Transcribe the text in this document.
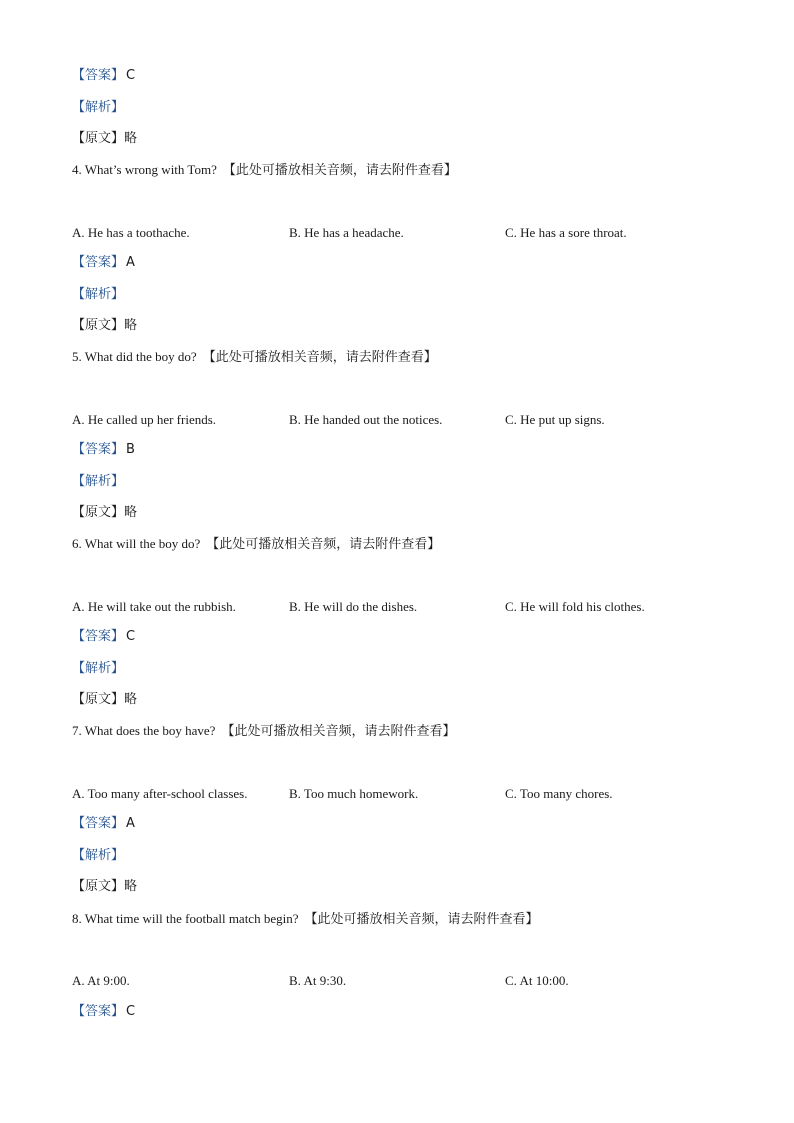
【答案】 C
【解析】
【原文】略
4. What’s wrong with Tom? 【此处可播放相关音频，请去附件查看】
A. He has a toothache.	B. He has a headache.	C. He has a sore throat.
【答案】 A
【解析】
【原文】略
5. What did the boy do? 【此处可播放相关音频，请去附件查看】
A. He called up her friends.	B. He handed out the notices.	C. He put up signs.
【答案】 B
【解析】
【原文】略
6. What will the boy do? 【此处可播放相关音频，请去附件查看】
A. He will take out the rubbish.	B. He will do the dishes.	C. He will fold his clothes.
【答案】 C
【解析】
【原文】略
7. What does the boy have? 【此处可播放相关音频，请去附件查看】
A. Too many after-school classes.	B. Too much homework.	C. Too many chores.
【答案】 A
【解析】
【原文】略
8. What time will the football match begin? 【此处可播放相关音频，请去附件查看】
A. At 9:00.	B. At 9:30.	C. At 10:00.
【答案】 C
